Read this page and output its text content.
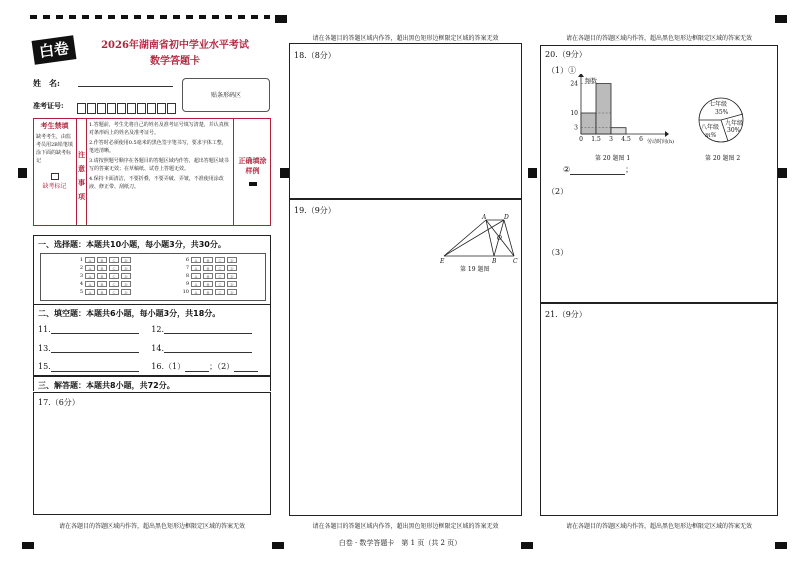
白卷	2026年湖南省初中学业水平考试
数学答题卡
姓　名:
准考证号:
贴条形码区
考生禁填
缺考考生，由监考员用2B铅笔填涂下面的缺考标记
缺考标记
注意事项
1.答题前，考生先将自己的姓名及准考证号填写清楚，并认真核对条形码上的姓名及准考证号。
2.作答时必须使用0.5毫米的黑色签字笔书写，要求字体工整，笔迹清晰。
3.请按照题号顺序在各题目的答题区域内作答，超出答题区域书写的答案无效；在草稿纸、试卷上答题无效。
4.保持卡面清洁，不要折叠，不要弄破、弄皱，不准使用涂改液、修正带、刮纸刀。
正确填涂样例
一、选择题：本题共10小题，每小题3分，共30分。
1 A B C D
2 A B C D
3 A B C D
4 A B C D
5 A B C D
6 A B C D
7 A B C D
8 A B C D
9 A B C D
10 A B C D
二、填空题：本题共6小题，每小题3分，共18分。
11.	12.
13.	14.
15.	16.（1）	；（2）
三、解答题：本题共8小题，共72分。
17.（6分）
请在各题目的答题区域内作答，超出黑色矩形边框限定区域的答案无效
请在各题目的答题区域内作答，超出黑色矩形边框限定区域的答案无效
18.（8分）
19.（9分）
A	D
O
E	B	C
第 19 题图
请在各题目的答题区域内作答，超出黑色矩形边框限定区域的答案无效
请在各题目的答题区域内作答，超出黑色矩形边框限定区域的答案无效
20.（9分）
（1）①
24
10
3
0 1.5 3 4.5 6
频数
劳动时间(h)
七年级
35%
九年级
30%
八年级
m%
第 20 题图 1	第 20 题图 2
②	；
（2）
（3）
21.（9分）
请在各题目的答题区域内作答，超出黑色矩形边框限定区域的答案无效
白卷 · 数学答题卡　第 1 页（共 2 页）
